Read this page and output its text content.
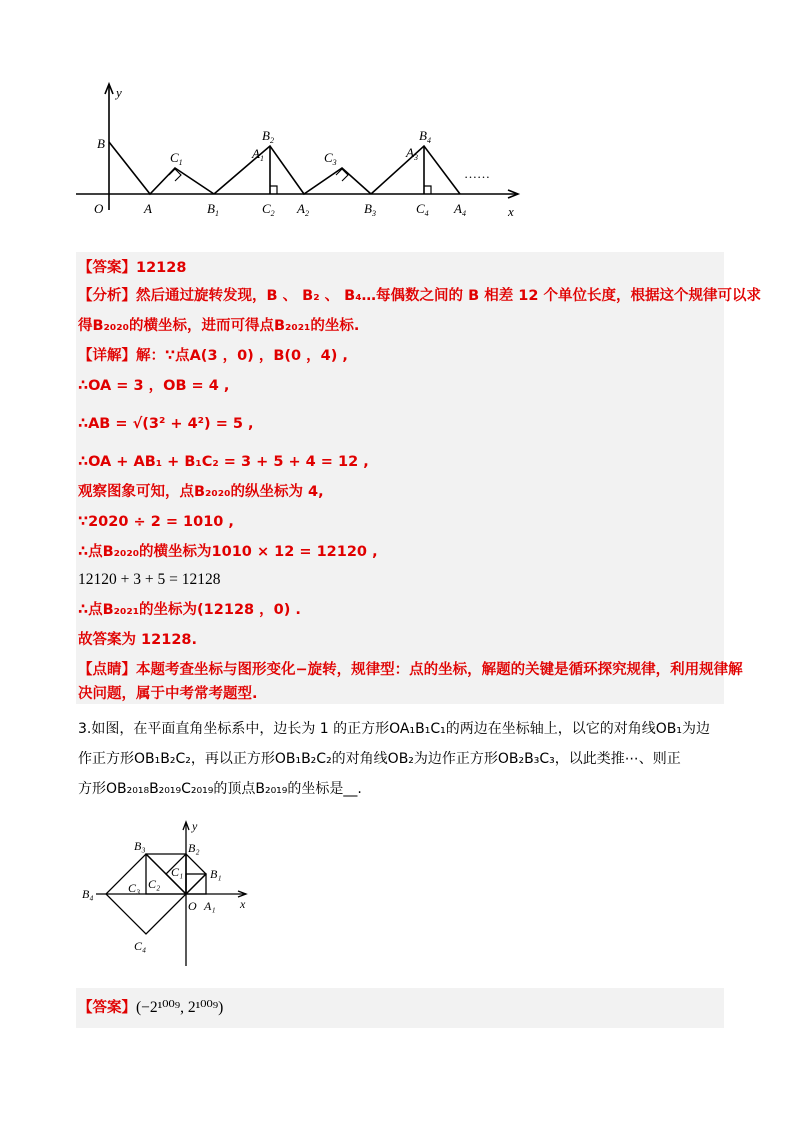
y
x
O	A
B
$C_1$
$B_1$
$B_2$
$A_1$
$C_2$ $A_2$
$C_3$
$B_3$
$B_4$
$A_3$
$C_4$ $A_4$
……
【答案】12128
【分析】然后通过旋转发现，B 、 B₂ 、 B₄…每偶数之间的 B 相差 12 个单位长度，根据这个规律可以求
得B₂₀₂₀的横坐标，进而可得点B₂₀₂₁的坐标.
【详解】解：∵点A(3 ，0) ，B(0 ，4) ,
∴OA = 3 ，OB = 4 ,
∴AB = √(3² + 4²) = 5 ,
∴OA + AB₁ + B₁C₂ = 3 + 5 + 4 = 12 ,
观察图象可知，点B₂₀₂₀的纵坐标为 4,
∵2020 ÷ 2 = 1010 ,
∴点B₂₀₂₀的横坐标为1010 × 12 = 12120 ,
12120 + 3 + 5 = 12128
∴点B₂₀₂₁的坐标为(12128 ，0) .
故答案为 12128.
【点睛】本题考查坐标与图形变化−旋转，规律型：点的坐标，解题的关键是循环探究规律，利用规律解
决问题，属于中考常考题型.
3.如图，在平面直角坐标系中，边长为 1 的正方形OA₁B₁C₁的两边在坐标轴上，以它的对角线OB₁为边
作正方形OB₁B₂C₂，再以正方形OB₁B₂C₂的对角线OB₂为边作正方形OB₂B₃C₃，以此类推⋯、则正
方形OB₂₀₁₈B₂₀₁₉C₂₀₁₉的顶点B₂₀₁₉的坐标是__.
y
x
O A₁
B₁
B₂
B₃
B₄
C₁
C₂
C₃
C₄
【答案】(−2¹⁰⁰⁹, 2¹⁰⁰⁹)
